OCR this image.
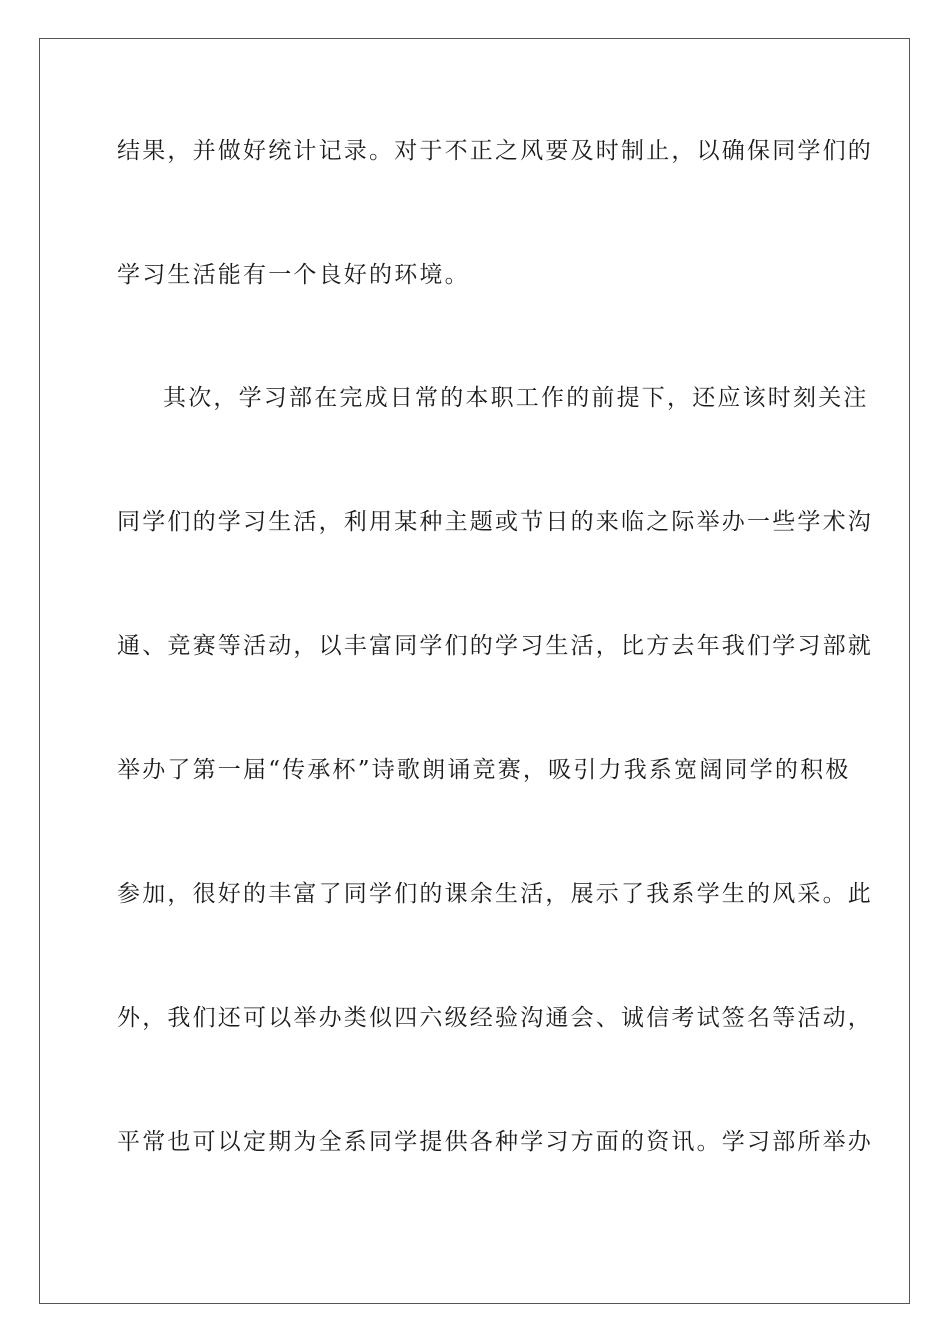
结果，并做好统计记录。对于不正之风要及时制止，以确保同学们的
学习生活能有一个良好的环境。
其次，学习部在完成日常的本职工作的前提下，还应该时刻关注
同学们的学习生活，利用某种主题或节日的来临之际举办一些学术沟
通、竞赛等活动，以丰富同学们的学习生活，比方去年我们学习部就
举办了第一届“传承杯”诗歌朗诵竞赛，吸引力我系宽阔同学的积极
参加，很好的丰富了同学们的课余生活，展示了我系学生的风采。此
外，我们还可以举办类似四六级经验沟通会、诚信考试签名等活动，
平常也可以定期为全系同学提供各种学习方面的资讯。学习部所举办
